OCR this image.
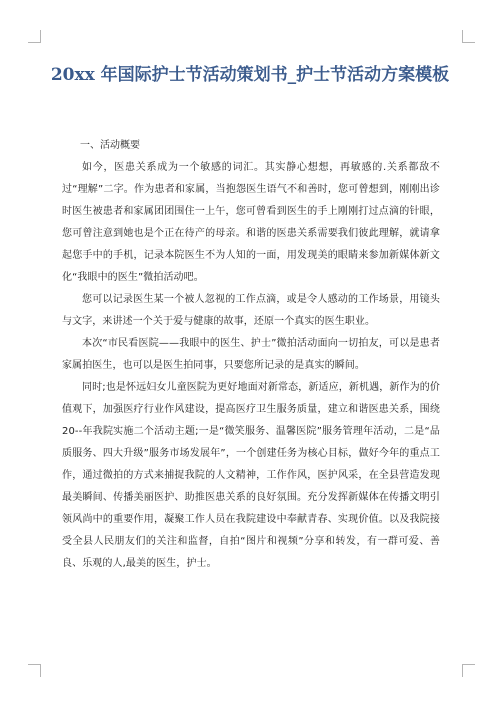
20xx 年国际护士节活动策划书_护士节活动方案模板

一、活动概要

如今，医患关系成为一个敏感的词汇。其实静心想想，再敏感的.关系都敌不过“理解”二字。作为患者和家属，当抱怨医生语气不和善时，您可曾想到，刚刚出诊时医生被患者和家属团团围住一上午，您可曾看到医生的手上刚刚打过点滴的针眼，您可曾注意到她也是个正在待产的母亲。和谐的医患关系需要我们彼此理解，就请拿起您手中的手机，记录本院医生不为人知的一面，用发现美的眼睛来参加新媒体新文化“我眼中的医生”微拍活动吧。

您可以记录医生某一个被人忽视的工作点滴，或是令人感动的工作场景，用镜头与文字，来讲述一个关于爱与健康的故事，还原一个真实的医生职业。

本次“市民看医院——我眼中的医生、护士”微拍活动面向一切拍友，可以是患者家属拍医生，也可以是医生拍同事，只要您所记录的是真实的瞬间。

同时;也是怀远妇女儿童医院为更好地面对新常态，新适应，新机遇，新作为的价值观下，加强医疗行业作风建设，提高医疗卫生服务质量，建立和谐医患关系，围绕20--年我院实施二个活动主题;一是“微笑服务、温馨医院”服务管理年活动，二是“品质服务、四大升级”服务市场发展年”，一个创建任务为核心目标，做好今年的重点工作，通过微拍的方式来捕捉我院的人文精神，工作作风，医护风采，在全县营造发现最美瞬间、传播美丽医护、助推医患关系的良好氛围。充分发挥新媒体在传播文明引领风尚中的重要作用，凝聚工作人员在我院建设中奉献青春、实现价值。以及我院接受全县人民朋友们的关注和监督，自拍“图片和视频”分享和转发，有一群可爱、善良、乐观的人,最美的医生，护士。
